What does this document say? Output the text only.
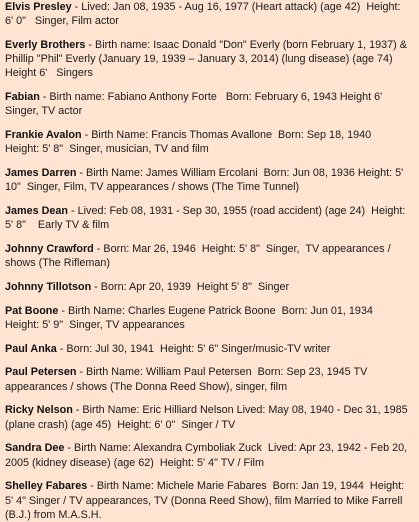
Elvis Presley - Lived: Jan 08, 1935 - Aug 16, 1977 (Heart attack) (age 42)  Height: 6' 0"   Singer, Film actor
Everly Brothers - Birth name: Isaac Donald "Don" Everly (born February 1, 1937) & Phillip "Phil" Everly (January 19, 1939 – January 3, 2014) (lung disease) (age 74)   Height 6'   Singers
Fabian - Birth name: Fabiano Anthony Forte   Born: February 6, 1943 Height 6'  Singer, TV actor
Frankie Avalon - Birth Name: Francis Thomas Avallone  Born: Sep 18, 1940   Height: 5' 8"  Singer, musician, TV and film
James Darren - Birth Name: James William Ercolani  Born: Jun 08, 1936 Height: 5' 10"  Singer, Film, TV appearances / shows (The Time Tunnel)
James Dean - Lived: Feb 08, 1931 - Sep 30, 1955 (road accident) (age 24)  Height: 5' 8"    Early TV & film
Johnny Crawford - Born: Mar 26, 1946  Height: 5' 8"  Singer,  TV appearances / shows (The Rifleman)
Johnny Tillotson - Born: Apr 20, 1939  Height 5' 8"  Singer
Pat Boone - Birth Name: Charles Eugene Patrick Boone  Born: Jun 01, 1934   Height: 5' 9"  Singer, TV appearances
Paul Anka - Born: Jul 30, 1941  Height: 5' 6" Singer/music-TV writer
Paul Petersen - Birth Name: William Paul Petersen  Born: Sep 23, 1945 TV appearances / shows (The Donna Reed Show), singer, film
Ricky Nelson - Birth Name: Eric Hilliard Nelson Lived: May 08, 1940 - Dec 31, 1985 (plane crash) (age 45)  Height: 6' 0"  Singer / TV
Sandra Dee - Birth Name: Alexandra Cymboliak Zuck  Lived: Apr 23, 1942 - Feb 20, 2005 (kidney disease) (age 62)  Height: 5' 4" TV / Film
Shelley Fabares - Birth Name: Michele Marie Fabares  Born: Jan 19, 1944  Height: 5' 4" Singer / TV appearances, TV (Donna Reed Show), film Married to Mike Farrell (B.J.) from M.A.S.H.
